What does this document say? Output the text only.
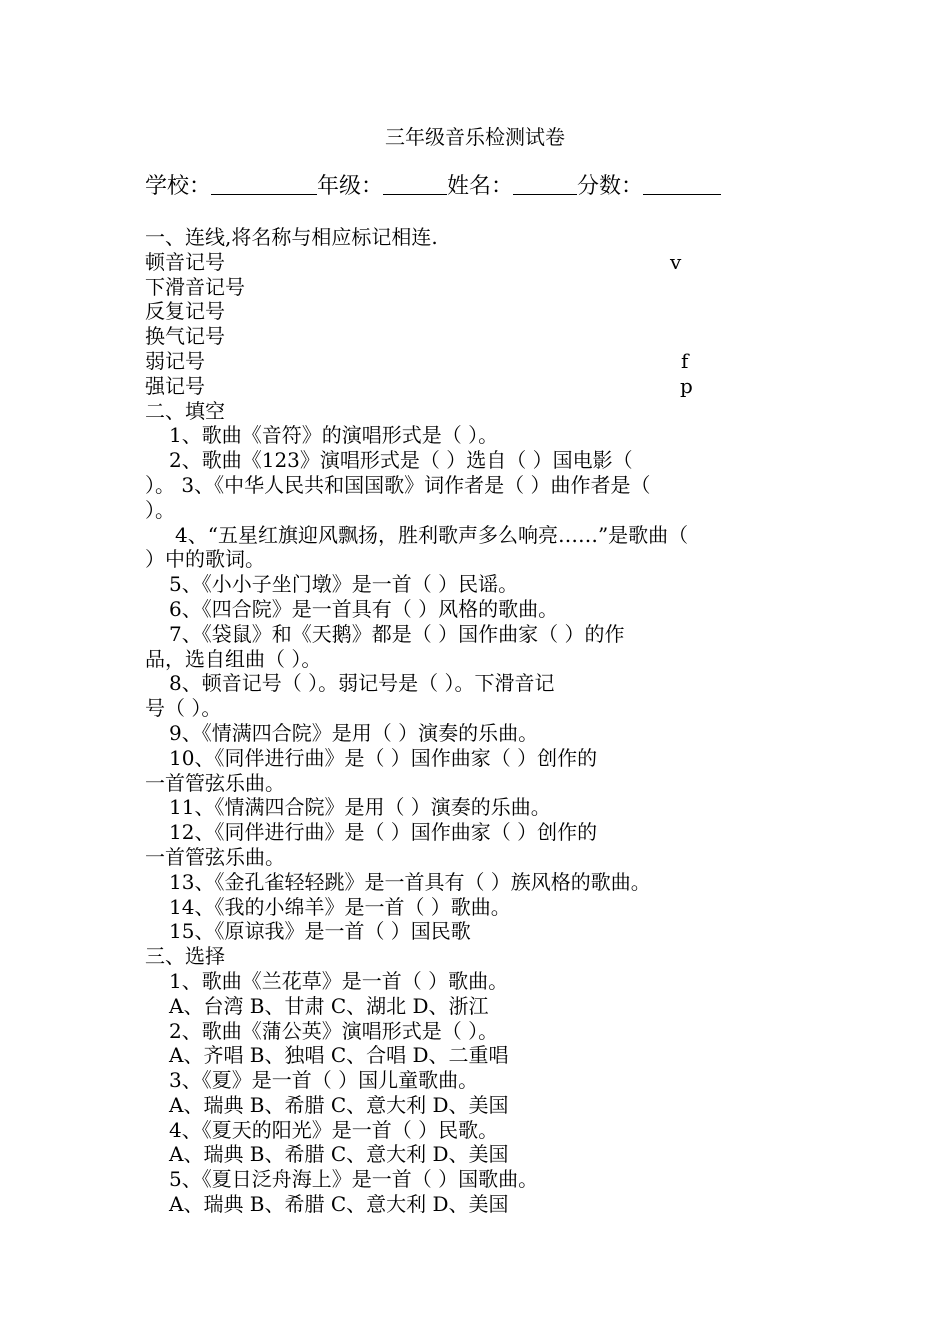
三年级音乐检测试卷
学校：	年级：	姓名：	分数：
一、连线,将名称与相应标记相连.
顿音记号	v
下滑音记号
反复记号
换气记号
弱记号	f
强记号	p
二、填空
1、歌曲《音符》的演唱形式是（ ）。
2、歌曲《123》演唱形式是（ ）选自（ ）国电影（
）。 3、《中华人民共和国国歌》词作者是（ ）曲作者是（
）。
4、“五星红旗迎风飘扬，胜利歌声多么响亮……”是歌曲（
）中的歌词。
5、《小小子坐门墩》是一首（ ）民谣。
6、《四合院》是一首具有（ ）风格的歌曲。
7、《袋鼠》和《天鹅》都是（ ）国作曲家（ ）的作
品，选自组曲（ ）。
8、顿音记号（ ）。弱记号是（ ）。下滑音记
号（ ）。
9、《情满四合院》是用（ ）演奏的乐曲。
10、《同伴进行曲》是（ ）国作曲家（ ）创作的
一首管弦乐曲。
11、《情满四合院》是用（ ）演奏的乐曲。
12、《同伴进行曲》是（ ）国作曲家（ ）创作的
一首管弦乐曲。
13、《金孔雀轻轻跳》是一首具有（ ）族风格的歌曲。
14、《我的小绵羊》是一首（ ）歌曲。
15、《原谅我》是一首（ ）国民歌
三、选择
1、歌曲《兰花草》是一首（ ）歌曲。
A、台湾 B、甘肃 C、湖北 D、浙江
2、歌曲《蒲公英》演唱形式是（ ）。
A、齐唱 B、独唱 C、合唱 D、二重唱
3、《夏》是一首（ ）国儿童歌曲。
A、瑞典 B、希腊 C、意大利 D、美国
4、《夏天的阳光》是一首（ ）民歌。
A、瑞典 B、希腊 C、意大利 D、美国
5、《夏日泛舟海上》是一首（ ）国歌曲。
A、瑞典 B、希腊 C、意大利 D、美国
